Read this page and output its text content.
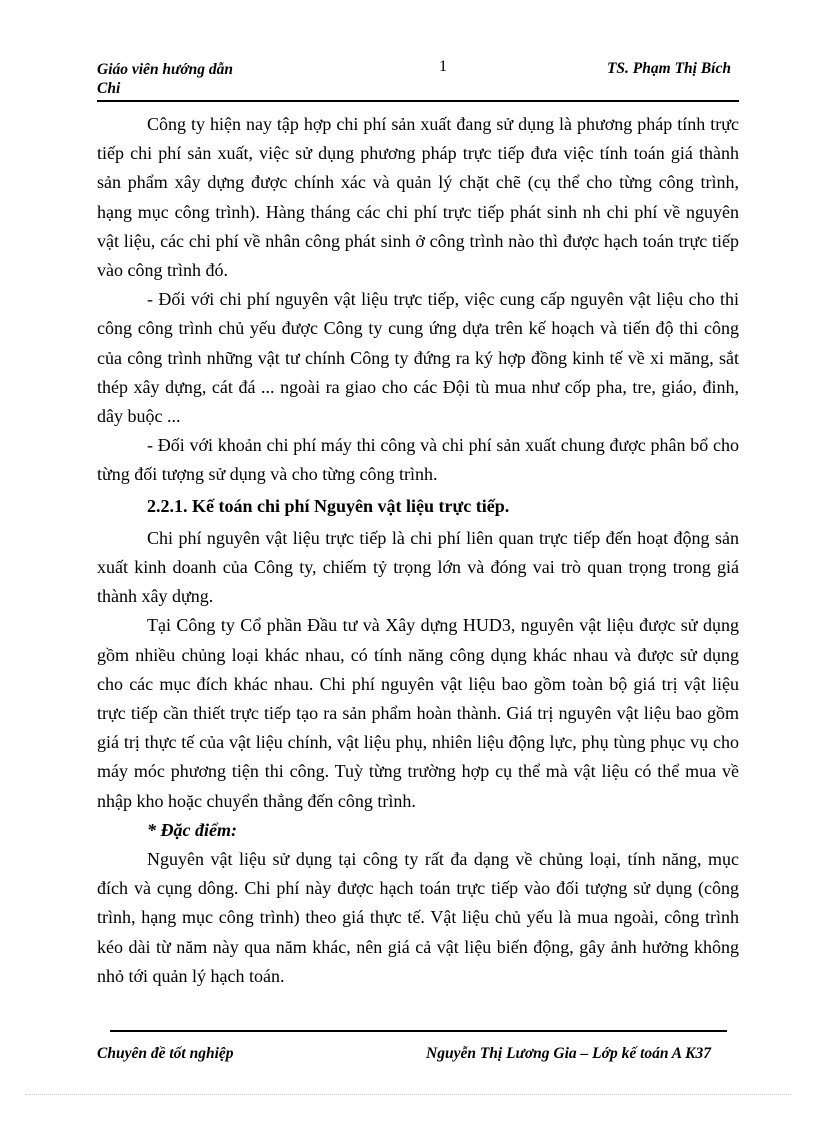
Giáo viên hướng dẫn Chi
1	TS. Phạm Thị Bích

Công ty hiện nay tập hợp chi phí sản xuất đang sử dụng là phương pháp tính trực tiếp chi phí sản xuất, việc sử dụng phương pháp trực tiếp đưa việc tính toán giá thành sản phẩm xây dựng được chính xác và quản lý chặt chẽ (cụ thể cho từng công trình, hạng mục công trình). Hàng tháng các chi phí trực tiếp phát sinh nh chi phí về nguyên vật liệu, các chi phí về nhân công phát sinh ở công trình nào thì được hạch toán trực tiếp vào công trình đó.

- Đối với chi phí nguyên vật liệu trực tiếp, việc cung cấp nguyên vật liệu cho thi công công trình chủ yếu được Công ty cung ứng dựa trên kế hoạch và tiến độ thi công của công trình những vật tư chính Công ty đứng ra ký hợp đồng kinh tế về xi măng, sắt thép xây dựng, cát đá ... ngoài ra giao cho các Đội tù mua như cốp pha, tre, giáo, đinh, dây buộc ...

- Đối với khoản chi phí máy thi công và chi phí sản xuất chung được phân bổ cho từng đối tượng sử dụng và cho từng công trình.

2.2.1. Kế toán chi phí Nguyên vật liệu trực tiếp.

Chi phí nguyên vật liệu trực tiếp là chi phí liên quan trực tiếp đến hoạt động sản xuất kinh doanh của Công ty, chiếm tỷ trọng lớn và đóng vai trò quan trọng trong giá thành xây dựng.

Tại Công ty Cổ phần Đầu tư và Xây dựng HUD3, nguyên vật liệu được sử dụng gồm nhiều chủng loại khác nhau, có tính năng công dụng khác nhau và được sử dụng cho các mục đích khác nhau. Chi phí nguyên vật liệu bao gồm toàn bộ giá trị vật liệu trực tiếp cần thiết trực tiếp tạo ra sản phẩm hoàn thành. Giá trị nguyên vật liệu bao gồm giá trị thực tế của vật liệu chính, vật liệu phụ, nhiên liệu động lực, phụ tùng phục vụ cho máy móc phương tiện thi công. Tuỳ từng trường hợp cụ thể mà vật liệu có thể mua về nhập kho hoặc chuyển thẳng đến công trình.

* Đặc điểm:

Nguyên vật liệu sử dụng tại công ty rất đa dạng về chủng loại, tính năng, mục đích và cụng dông. Chi phí này được hạch toán trực tiếp vào đối tượng sử dụng (công trình, hạng mục công trình) theo giá thực tế. Vật liệu chủ yếu là mua ngoài, công trình kéo dài từ năm này qua năm khác, nên giá cả vật liệu biến động, gây ảnh hưởng không nhỏ tới quản lý hạch toán.

Chuyên đề tốt nghiệp	Nguyễn Thị Lương Gia – Lớp kế toán A K37
